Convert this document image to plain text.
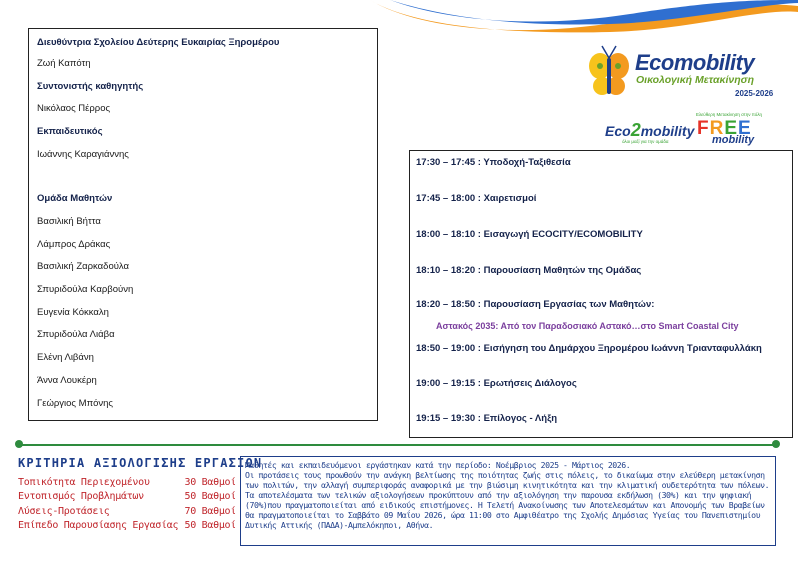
Διευθύντρια Σχολείου Δεύτερης Ευκαιρίας Ξηρομέρου
Ζωή Καπότη
Συντονιστής καθηγητής
Νικόλαος Πέρρος
Εκπαιδευτικός
Ιωάννης Καραγιάννης
Ομάδα Μαθητών
Βασιλική Βήττα
Λάμπρος Δράκας
Βασιλική Ζαρκαδούλα
Σπυριδούλα Καρβούνη
Ευγενία Κόκκαλη
Σπυριδούλα Λιάβα
Ελένη Λιβάνη
Άννα Λουκέρη
Γεώργιος Μπόνης
Ecomobility
Οικολογική Μετακίνηση
2025-2026
Eco2mobility
όλοι μαζί για την ομάδα
Ελεύθερη Μετακίνηση στην πόλη
FREE
mobility
17:30 – 17:45 : Υποδοχή-Ταξιθεσία
17:45 – 18:00 : Χαιρετισμοί
18:00 – 18:10 : Εισαγωγή ECOCITY/ECOMOBILITY
18:10 – 18:20 : Παρουσίαση Μαθητών της Ομάδας
18:20 – 18:50 : Παρουσίαση Εργασίας των Μαθητών:
18:50 – 19:00 : Εισήγηση του Δημάρχου Ξηρομέρου Ιωάννη Τριανταφυλλάκη
19:00 – 19:15 : Ερωτήσεις Διάλογος
19:15 – 19:30 : Επίλογος - Λήξη
Αστακός 2035: Από τον Παραδοσιακό Αστακό…στο Smart Coastal City
ΚΡΙΤΗΡΙΑ ΑΞΙΟΛΟΓΙΣΗΣ ΕΡΓΑΣΙΩΝ
Τοπικότητα Περιεχομένου	30 Βαθμοί
Εντοπισμός Προβλημάτων	50 Βαθμοί
Λύσεις-Προτάσεις	70 Βαθμοί
Επίπεδο Παρουσίασης Εργασίας 50 Βαθμοί

Μαθητές και εκπαιδευόμενοι εργάστηκαν κατά την περίοδο: Νοέμβριος 2025 - Μάρτιος 2026.

Οι προτάσεις τους προωθούν την ανάγκη βελτίωσης της ποιότητας ζωής στις πόλεις, το δικαίωμα στην ελεύθερη μετακίνηση των πολιτών, την αλλαγή συμπεριφοράς αναφορικά με την βιώσιμη κινητικότητα και την κλιματική ουδετερότητα των πόλεων. Τα αποτελέσματα των τελικών αξιολογήσεων προκύπτουν από την αξιολόγηση την παρουσα εκδήλωση (30%) και την ψηφιακή (70%)που πραγματοποιείται από ειδικούς επιστήμονες. Η Τελετή Ανακοίνωσης των Αποτελεσμάτων και Απονομής των Βραβείων θα πραγματοποιείται το Σαββάτο 09 Μαΐου 2026, ώρα 11:00 στο Αμφιθέατρο της Σχολής Δημόσιας Υγείας του Πανεπιστημίου Δυτικής Αττικής (ΠΑΔΑ)-Αμπελόκηποι, Αθήνα.
